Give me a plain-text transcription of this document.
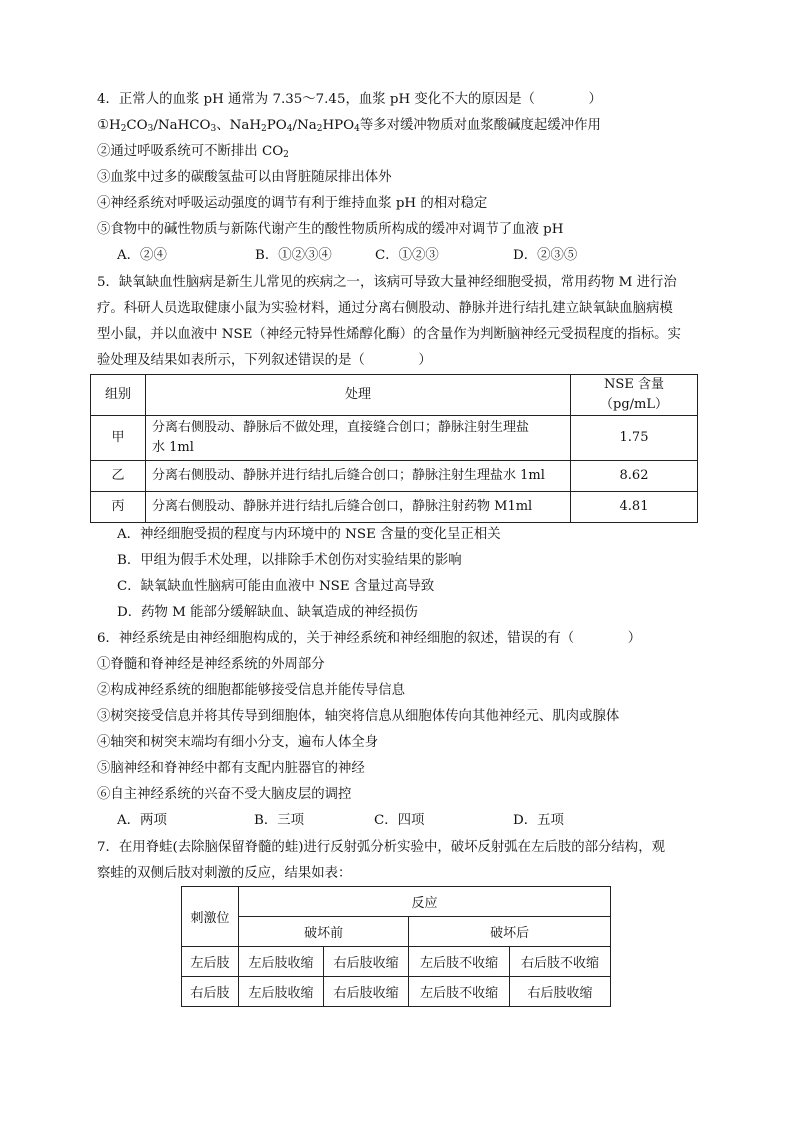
4．正常人的血浆 pH 通常为 7.35～7.45，血浆 pH 变化不大的原因是（　　　　）
$①H_2CO_3/NaHCO_3$、$NaH_2PO_4/Na_2HPO_4$等多对缓冲物质对血浆酸碱度起缓冲作用
②通过呼吸系统可不断排出 $CO_2$
③血浆中过多的碳酸氢盐可以由肾脏随尿排出体外
④神经系统对呼吸运动强度的调节有利于维持血浆 pH 的相对稳定
⑤食物中的碱性物质与新陈代谢产生的酸性物质所构成的缓冲对调节了血液 pH
A．②④	B．①②③④	C．①②③	D．②③⑤
5．缺氧缺血性脑病是新生儿常见的疾病之一，该病可导致大量神经细胞受损，常用药物 M 进行治
疗。科研人员选取健康小鼠为实验材料，通过分离右侧股动、静脉并进行结扎建立缺氧缺血脑病模
型小鼠，并以血液中 NSE（神经元特异性烯醇化酶）的含量作为判断脑神经元受损程度的指标。实
验处理及结果如表所示，下列叙述错误的是（　　　　）
组别	处理	NSE 含量（pg/mL）
甲	分离右侧股动、静脉后不做处理，直接缝合创口；静脉注射生理盐
水 1ml	1.75
乙	分离右侧股动、静脉并进行结扎后缝合创口；静脉注射生理盐水 1ml	8.62
丙	分离右侧股动、静脉并进行结扎后缝合创口，静脉注射药物 M1ml	4.81
A．神经细胞受损的程度与内环境中的 NSE 含量的变化呈正相关
B．甲组为假手术处理，以排除手术创伤对实验结果的影响
C．缺氧缺血性脑病可能由血液中 NSE 含量过高导致
D．药物 M 能部分缓解缺血、缺氧造成的神经损伤
6．神经系统是由神经细胞构成的，关于神经系统和神经细胞的叙述，错误的有（　　　　）
①脊髓和脊神经是神经系统的外周部分
②构成神经系统的细胞都能够接受信息并能传导信息
③树突接受信息并将其传导到细胞体，轴突将信息从细胞体传向其他神经元、肌肉或腺体
④轴突和树突末端均有细小分支，遍布人体全身
⑤脑神经和脊神经中都有支配内脏器官的神经
⑥自主神经系统的兴奋不受大脑皮层的调控
A．两项	B．三项	C．四项	D．五项
7．在用脊蛙(去除脑保留脊髓的蛙)进行反射弧分析实验中，破坏反射弧在左后肢的部分结构，观
察蛙的双侧后肢对刺激的反应，结果如表：
刺激位	反应			
	破坏前		破坏后	
左后肢	左后肢收缩	右后肢收缩	左后肢不收缩	右后肢不收缩
右后肢	左后肢收缩	右后肢收缩	左后肢不收缩	右后肢收缩
